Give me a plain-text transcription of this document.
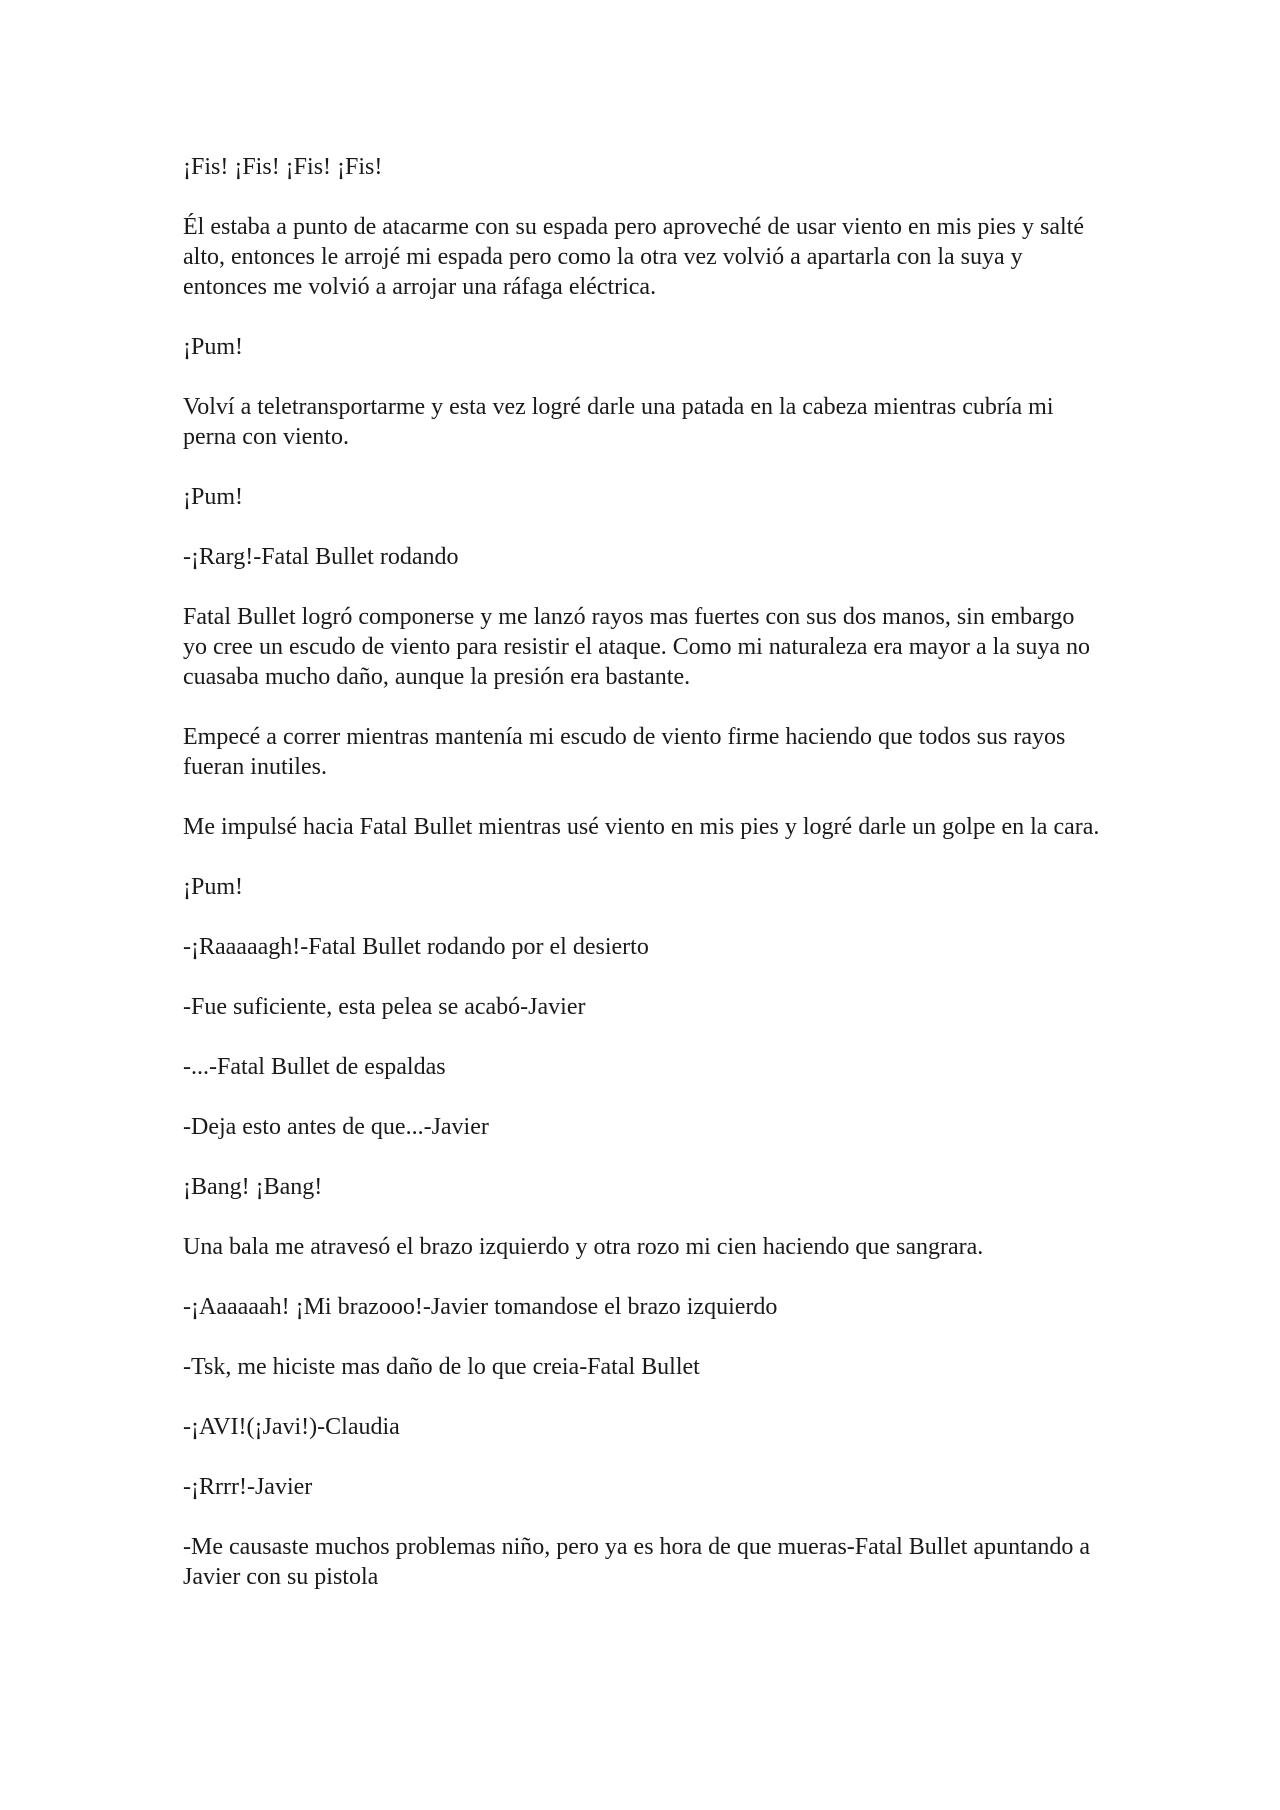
¡Fis! ¡Fis! ¡Fis! ¡Fis!

Él estaba a punto de atacarme con su espada pero aproveché de usar viento en mis pies y salté alto, entonces le arrojé mi espada pero como la otra vez volvió a apartarla con la suya y entonces me volvió a arrojar una ráfaga eléctrica.

¡Pum!

Volví a teletransportarme y esta vez logré darle una patada en la cabeza mientras cubría mi perna con viento.

¡Pum!

-¡Rarg!-Fatal Bullet rodando

Fatal Bullet logró componerse y me lanzó rayos mas fuertes con sus dos manos, sin embargo yo cree un escudo de viento para resistir el ataque. Como mi naturaleza era mayor a la suya no cuasaba mucho daño, aunque la presión era bastante.

Empecé a correr mientras mantenía mi escudo de viento firme haciendo que todos sus rayos fueran inutiles.

Me impulsé hacia Fatal Bullet mientras usé viento en mis pies y logré darle un golpe en la cara.

¡Pum!

-¡Raaaaagh!-Fatal Bullet rodando por el desierto

-Fue suficiente, esta pelea se acabó-Javier

-...-Fatal Bullet de espaldas

-Deja esto antes de que...-Javier

¡Bang! ¡Bang!

Una bala me atravesó el brazo izquierdo y otra rozo mi cien haciendo que sangrara.

-¡Aaaaaah! ¡Mi brazooo!-Javier tomandose el brazo izquierdo

-Tsk, me hiciste mas daño de lo que creia-Fatal Bullet

-¡AVI!(¡Javi!)-Claudia

-¡Rrrr!-Javier

-Me causaste muchos problemas niño, pero ya es hora de que mueras-Fatal Bullet apuntando a Javier con su pistola
